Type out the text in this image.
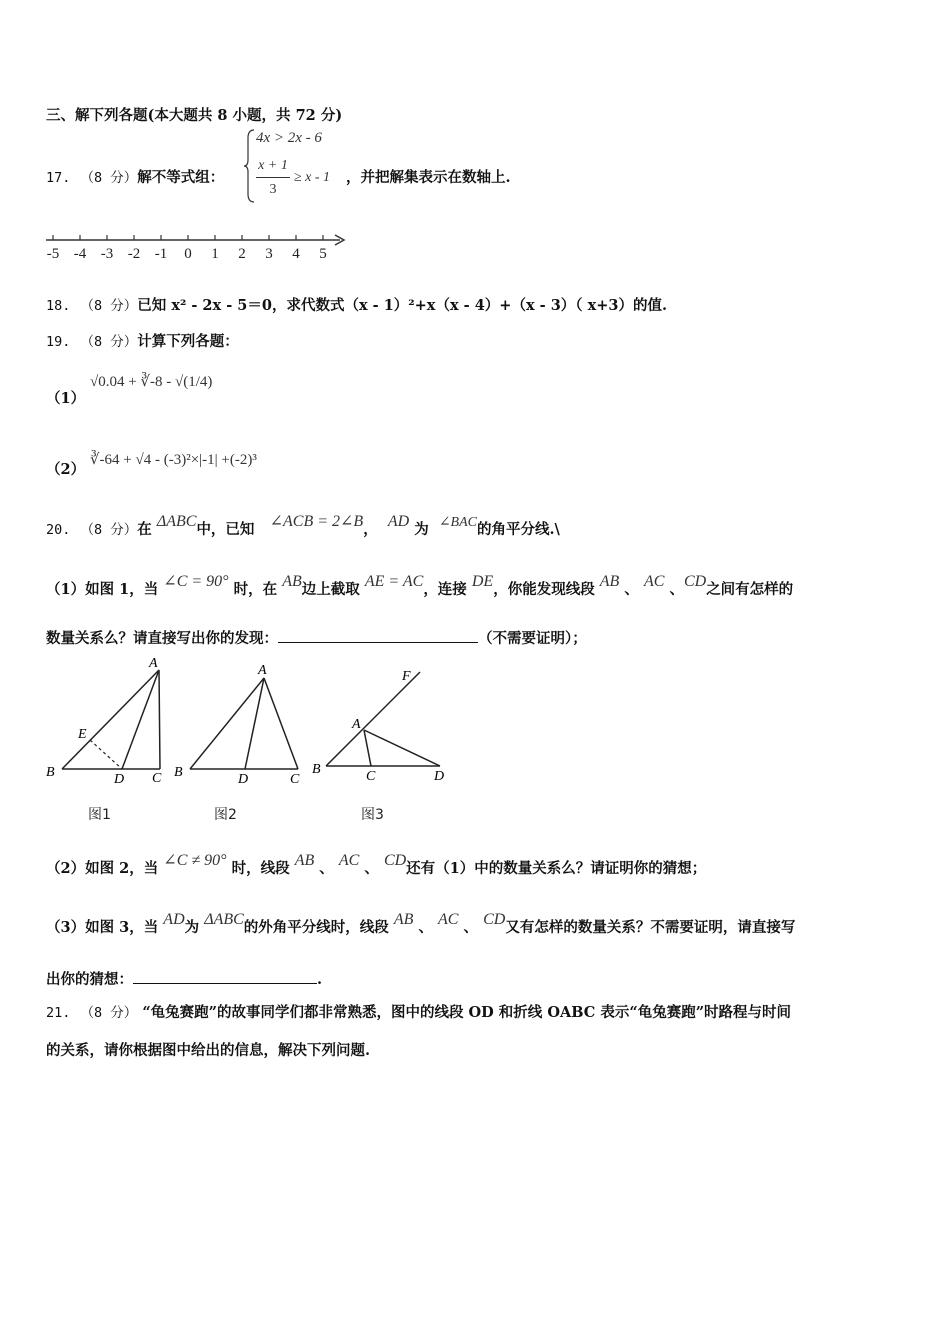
三、解下列各题(本大题共 8 小题，共 72 分)
17. （8 分）解不等式组：
4x > 2x - 6
x + 1
3
≥ x - 1 ，并把解集表示在数轴上.
-5 -4 -3 -2 -1 0 1 2 3 4 5
18. （8 分）已知 x² - 2x - 5＝0，求代数式（x - 1）²+x（x - 4）+（x - 3）（ x+3）的值.
19. （8 分）计算下列各题：
（1）
√0.04 + ∛-8 - √(1/4)
（2）
∛-64 + √4 - (-3)²×|-1| +(-2)³
20. （8 分）在 ΔABC中，已知 ∠ACB = 2∠B， AD 为 ∠BAC的角平分线.\
（1）如图 1，当 ∠C = 90° 时，在 AB边上截取 AE = AC，连接 DE，你能发现线段 AB 、 AC 、CD之间有怎样的
数量关系么？请直接写出你的发现：	（不需要证明）；
A
B	D C
E
A
B	D	C
F
A
B	C	D
图1	图2	图3
（2）如图 2，当 ∠C ≠ 90° 时，线段 AB 、 AC 、 CD还有（1）中的数量关系么？请证明你的猜想；
（3）如图 3，当 AD为 ΔABC的外角平分线时，线段 AB 、 AC 、 CD又有怎样的数量关系？不需要证明，请直接写
出你的猜想：	.
21. （8 分） “龟兔赛跑”的故事同学们都非常熟悉，图中的线段 OD 和折线 OABC 表示“龟兔赛跑”时路程与时间
的关系，请你根据图中给出的信息，解决下列问题.
